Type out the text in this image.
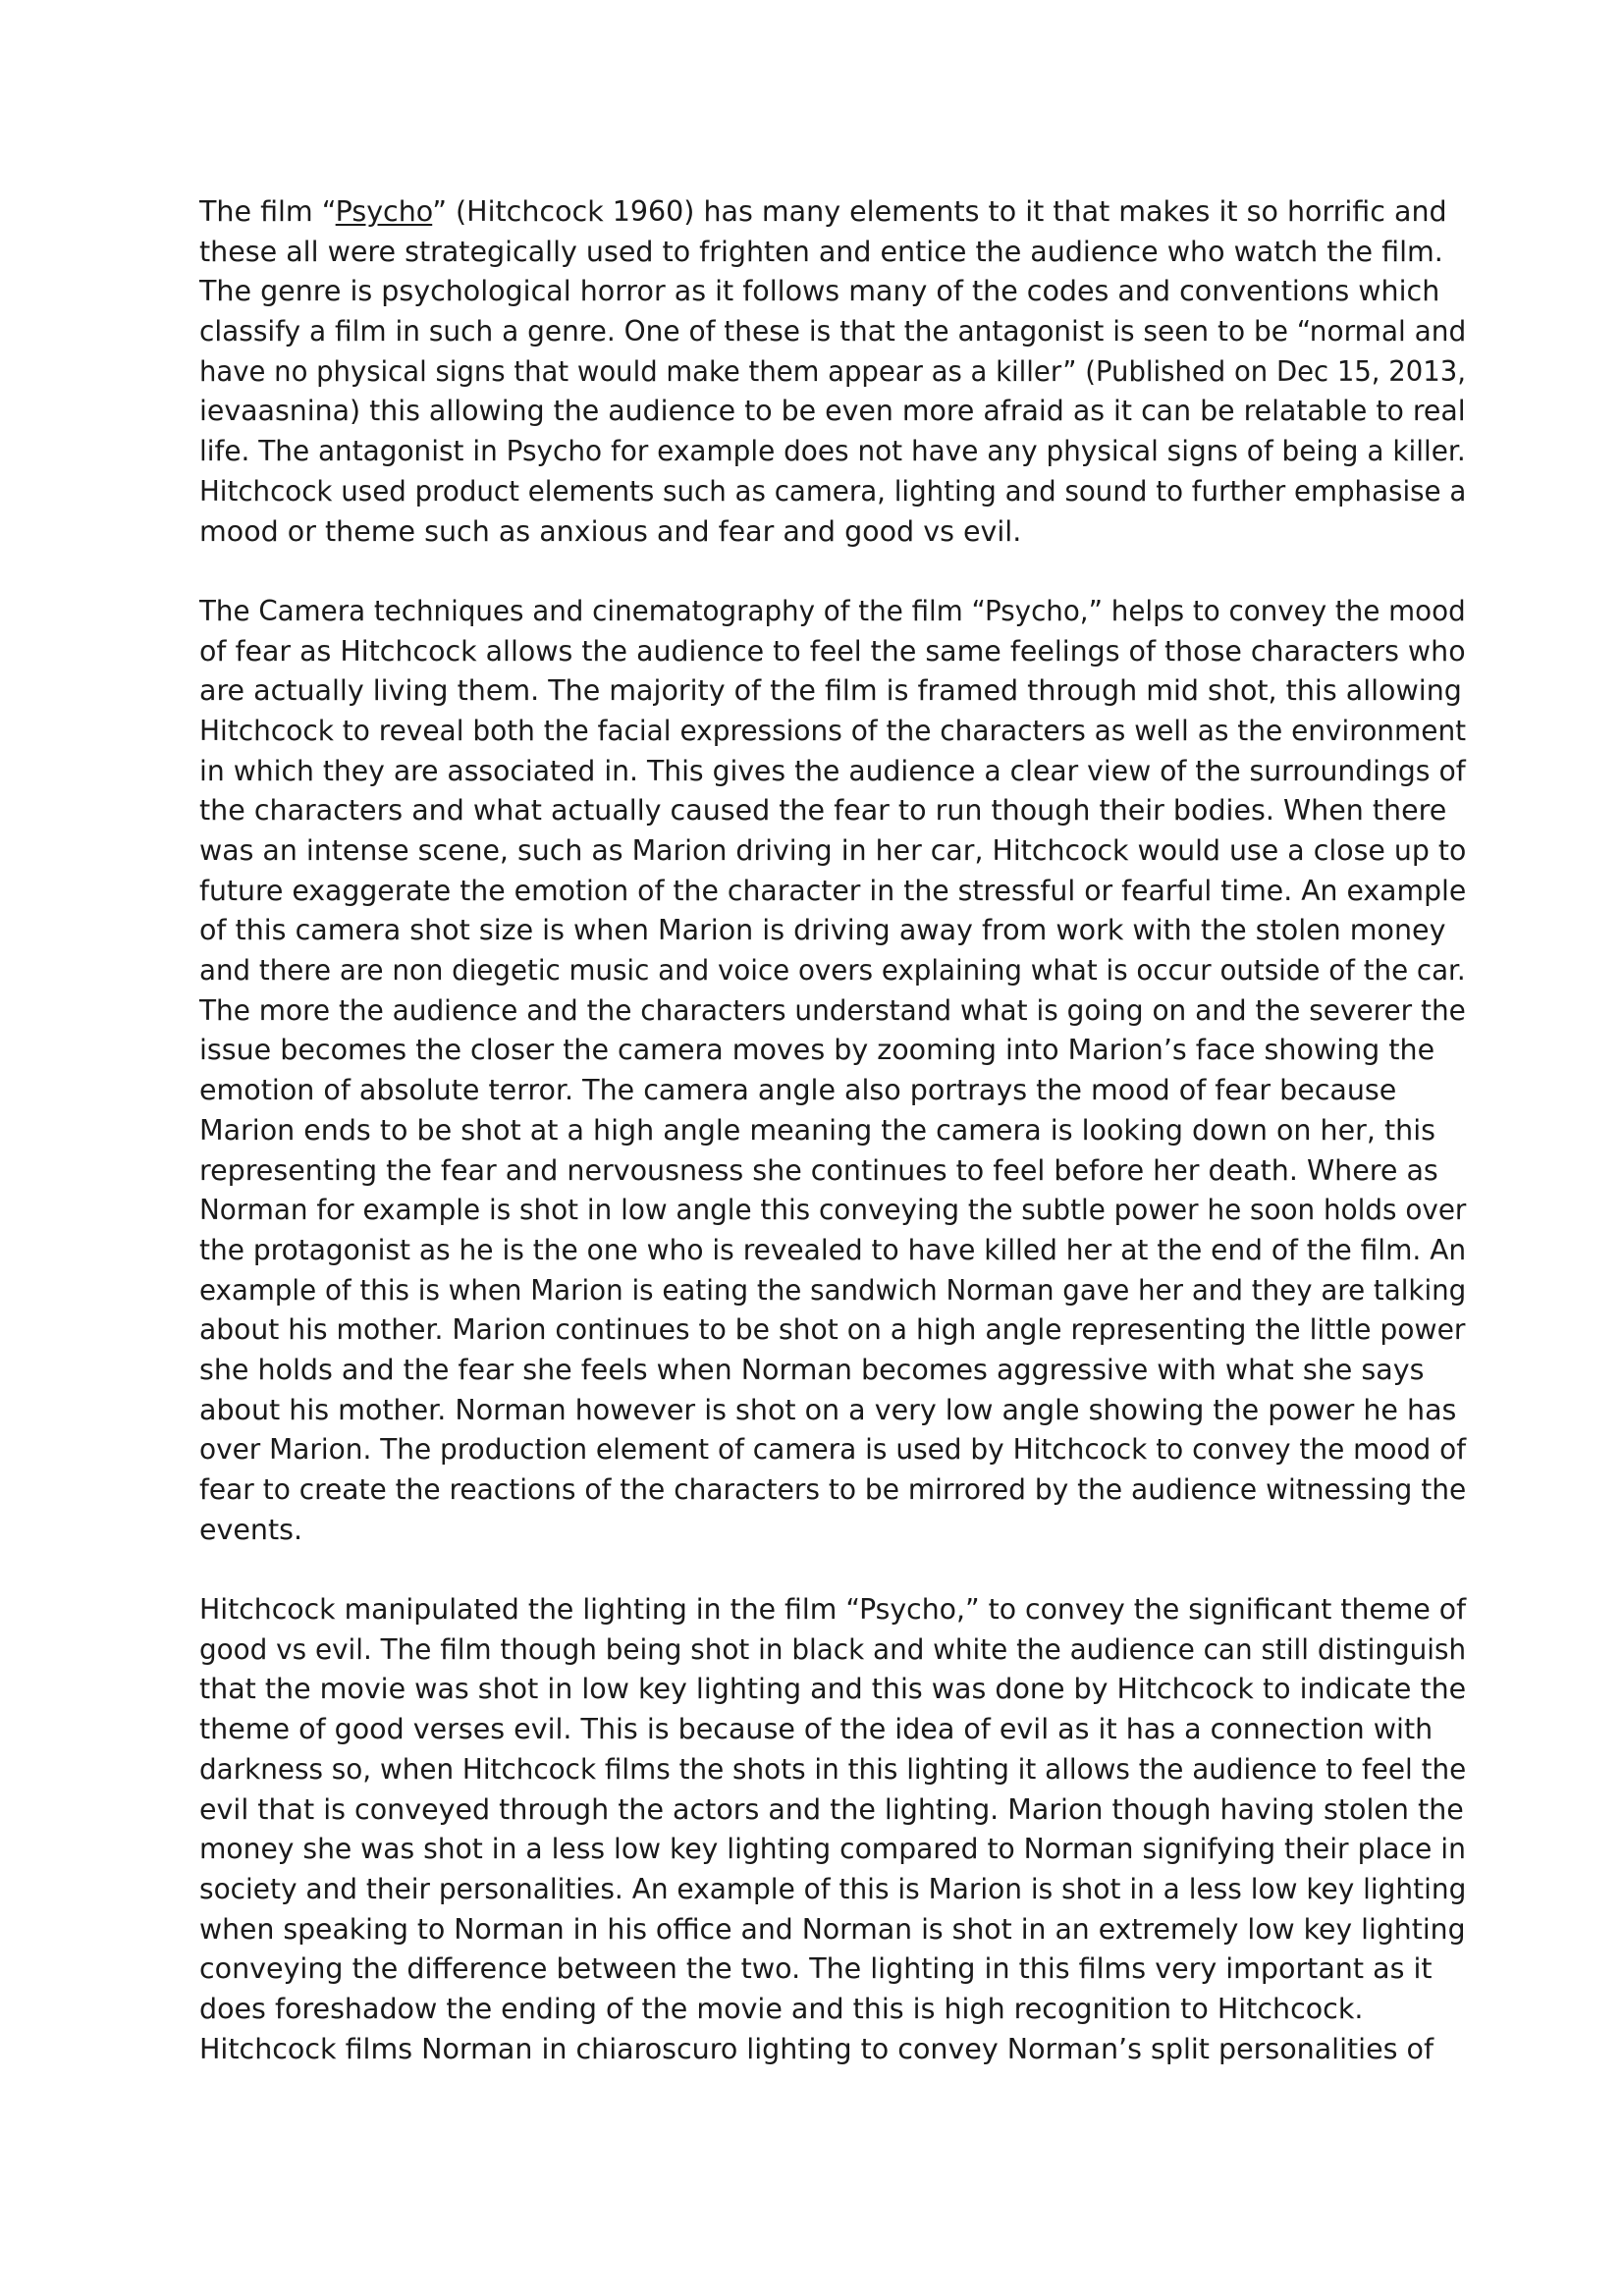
The film “Psycho” (Hitchcock 1960) has many elements to it that makes it so horrific and
these all were strategically used to frighten and entice the audience who watch the film.
The genre is psychological horror as it follows many of the codes and conventions which
classify a film in such a genre. One of these is that the antagonist is seen to be “normal and
have no physical signs that would make them appear as a killer” (Published on Dec 15, 2013,
ievaasnina) this allowing the audience to be even more afraid as it can be relatable to real
life. The antagonist in Psycho for example does not have any physical signs of being a killer.
Hitchcock used product elements such as camera, lighting and sound to further emphasise a
mood or theme such as anxious and fear and good vs evil.
The Camera techniques and cinematography of the film “Psycho,” helps to convey the mood
of fear as Hitchcock allows the audience to feel the same feelings of those characters who
are actually living them. The majority of the film is framed through mid shot, this allowing
Hitchcock to reveal both the facial expressions of the characters as well as the environment
in which they are associated in. This gives the audience a clear view of the surroundings of
the characters and what actually caused the fear to run though their bodies. When there
was an intense scene, such as Marion driving in her car, Hitchcock would use a close up to
future exaggerate the emotion of the character in the stressful or fearful time. An example
of this camera shot size is when Marion is driving away from work with the stolen money
and there are non diegetic music and voice overs explaining what is occur outside of the car.
The more the audience and the characters understand what is going on and the severer the
issue becomes the closer the camera moves by zooming into Marion’s face showing the
emotion of absolute terror. The camera angle also portrays the mood of fear because
Marion ends to be shot at a high angle meaning the camera is looking down on her, this
representing the fear and nervousness she continues to feel before her death. Where as
Norman for example is shot in low angle this conveying the subtle power he soon holds over
the protagonist as he is the one who is revealed to have killed her at the end of the film. An
example of this is when Marion is eating the sandwich Norman gave her and they are talking
about his mother. Marion continues to be shot on a high angle representing the little power
she holds and the fear she feels when Norman becomes aggressive with what she says
about his mother. Norman however is shot on a very low angle showing the power he has
over Marion. The production element of camera is used by Hitchcock to convey the mood of
fear to create the reactions of the characters to be mirrored by the audience witnessing the
events.
Hitchcock manipulated the lighting in the film “Psycho,” to convey the significant theme of
good vs evil. The film though being shot in black and white the audience can still distinguish
that the movie was shot in low key lighting and this was done by Hitchcock to indicate the
theme of good verses evil. This is because of the idea of evil as it has a connection with
darkness so, when Hitchcock films the shots in this lighting it allows the audience to feel the
evil that is conveyed through the actors and the lighting. Marion though having stolen the
money she was shot in a less low key lighting compared to Norman signifying their place in
society and their personalities. An example of this is Marion is shot in a less low key lighting
when speaking to Norman in his office and Norman is shot in an extremely low key lighting
conveying the difference between the two. The lighting in this films very important as it
does foreshadow the ending of the movie and this is high recognition to Hitchcock.
Hitchcock films Norman in chiaroscuro lighting to convey Norman’s split personalities of
